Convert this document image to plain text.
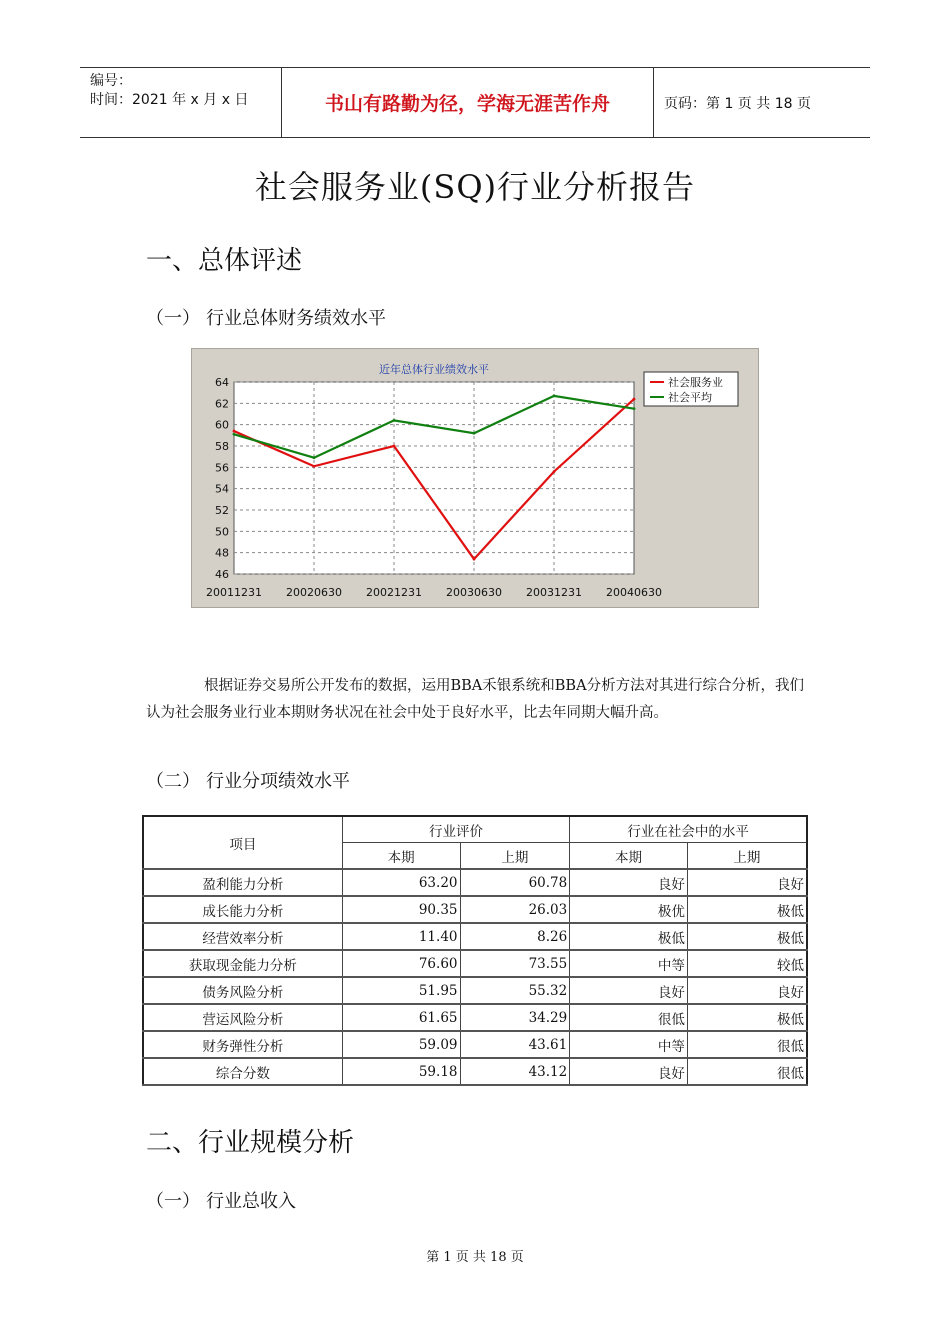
编号：
时间：2021 年 x 月 x 日	书山有路勤为径，学海无涯苦作舟	页码：第 1 页 共 18 页
社会服务业(SQ)行业分析报告
一、总体评述
（一） 行业总体财务绩效水平
近年总体行业绩效水平
46
48
50
52
54
56
58
60
62
64
20011231 20020630 20021231 20030630 20031231 20040630
社会服务业
社会平均
根据证券交易所公开发布的数据，运用BBA禾银系统和BBA分析方法对其进行综合分析，我们认为社会服务业行业本期财务状况在社会中处于良好水平，比去年同期大幅升高。
（二） 行业分项绩效水平
项目	行业评价		行业在社会中的水平	
	本期	上期	本期	上期
盈利能力分析	63.20	60.78	良好	良好
成长能力分析	90.35	26.03	极优	极低
经营效率分析	11.40	8.26	极低	极低
获取现金能力分析	76.60	73.55	中等	较低
债务风险分析	51.95	55.32	良好	良好
营运风险分析	61.65	34.29	很低	极低
财务弹性分析	59.09	43.61	中等	很低
综合分数	59.18	43.12	良好	很低
二、行业规模分析
（一） 行业总收入
第 1 页 共 18 页
